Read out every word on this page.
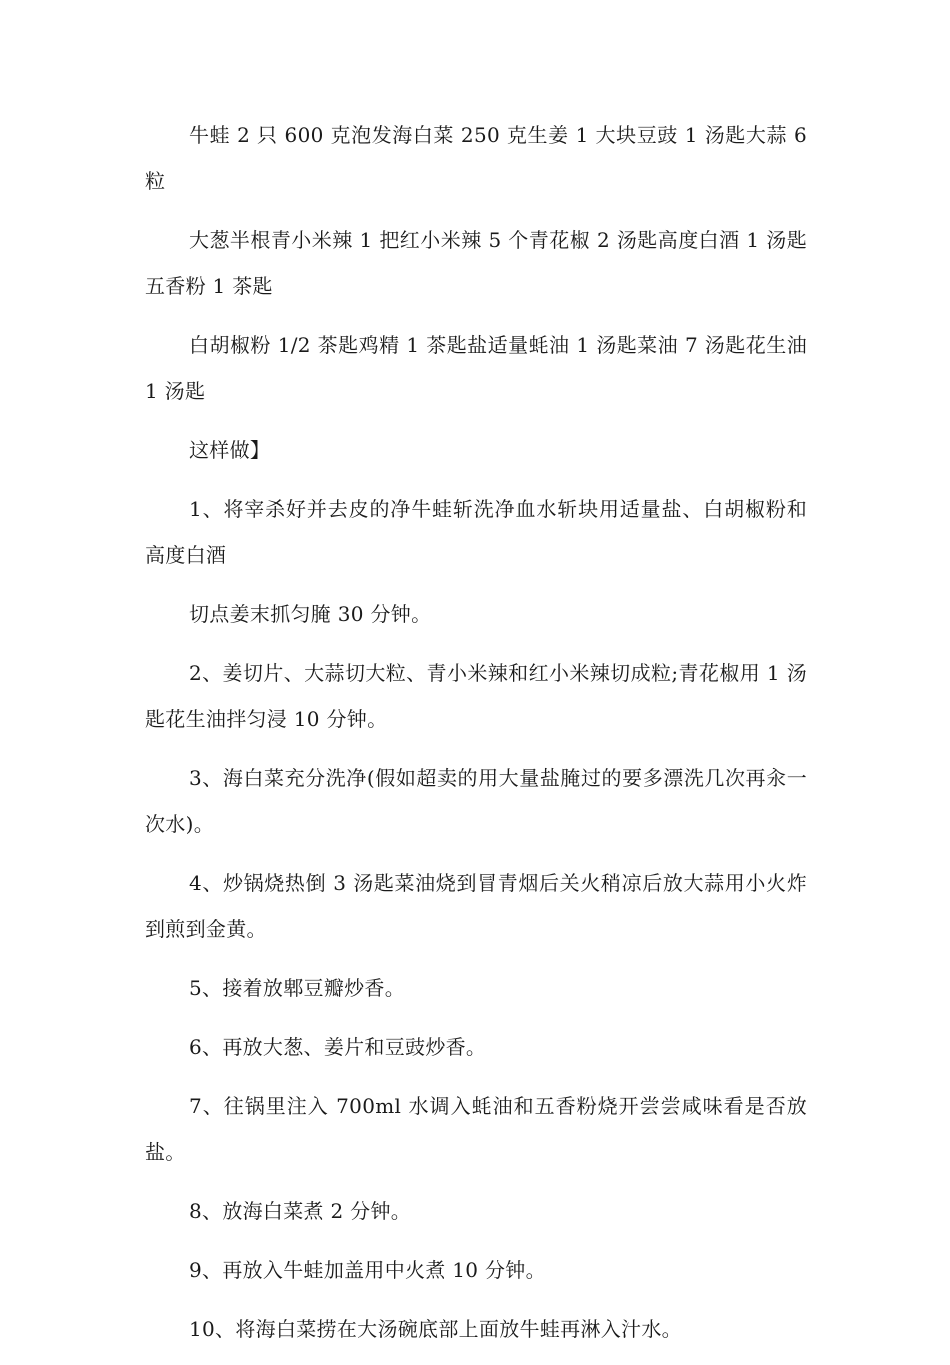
牛蛙 2 只 600 克泡发海白菜 250 克生姜 1 大块豆豉 1 汤匙大蒜 6 粒

大葱半根青小米辣 1 把红小米辣 5 个青花椒 2 汤匙高度白酒 1 汤匙五香粉 1 茶匙

白胡椒粉 1/2 茶匙鸡精 1 茶匙盐适量蚝油 1 汤匙菜油 7 汤匙花生油 1 汤匙

这样做】

1、将宰杀好并去皮的净牛蛙斩洗净血水斩块用适量盐、白胡椒粉和高度白酒

切点姜末抓匀腌 30 分钟。

2、姜切片、大蒜切大粒、青小米辣和红小米辣切成粒;青花椒用 1 汤匙花生油拌匀浸 10 分钟。

3、海白菜充分洗净(假如超卖的用大量盐腌过的要多漂洗几次再汆一次水)。

4、炒锅烧热倒 3 汤匙菜油烧到冒青烟后关火稍凉后放大蒜用小火炸到煎到金黄。

5、接着放郫豆瓣炒香。

6、再放大葱、姜片和豆豉炒香。

7、往锅里注入 700ml 水调入蚝油和五香粉烧开尝尝咸味看是否放盐。

8、放海白菜煮 2 分钟。

9、再放入牛蛙加盖用中火煮 10 分钟。

10、将海白菜捞在大汤碗底部上面放牛蛙再淋入汁水。
